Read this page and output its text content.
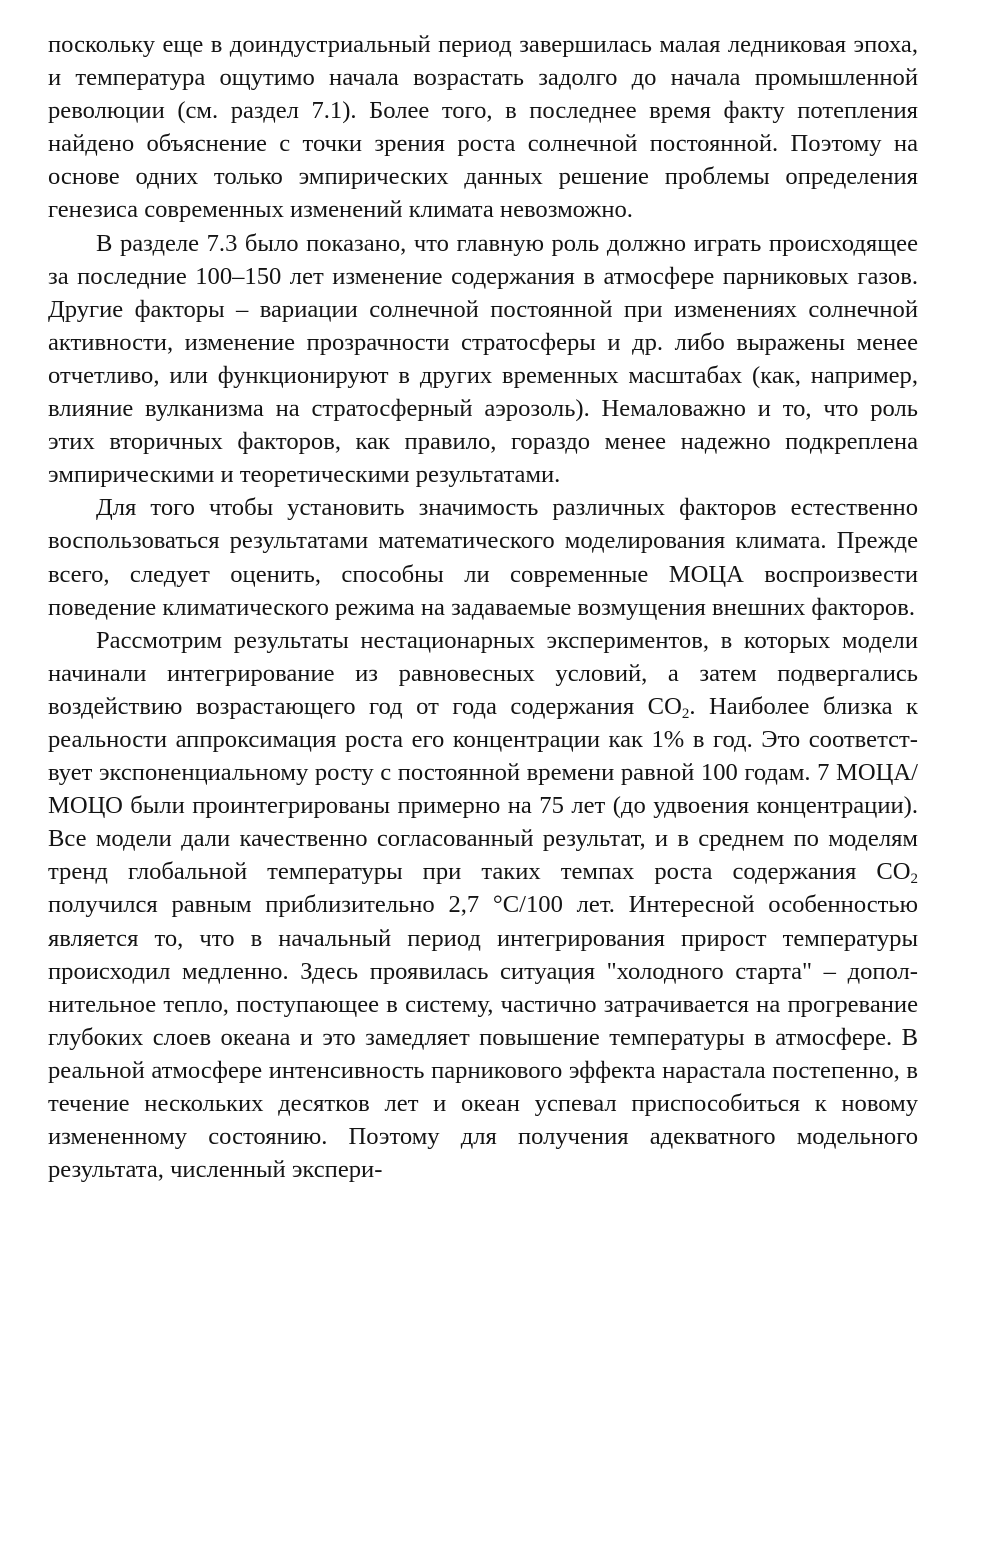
поскольку еще в доиндустриальный период завершилась малая ледниковая эпоха, и температура ощутимо начала возрастать задолго до начала промышленной революции (см. раздел 7.1). Более того, в последнее время факту потепления найдено объяснение с точки зрения роста солнечной постоянной. Поэтому на основе одних только эмпирических данных решение проблемы определения генезиса современных изменений климата невозможно.

В разделе 7.3 было показано, что главную роль должно играть происходящее за последние 100–150 лет изменение содержания в атмосфере парниковых газов. Другие факторы – вариации солнечной постоянной при изменениях солнечной активности, изменение прозрачности стратосферы и др. либо выражены менее отчетливо, или функционируют в других временных масштабах (как, например, влияние вулканизма на стратосферный аэрозоль). Немаловажно и то, что роль этих вторичных факторов, как правило, гораздо менее надежно подкреплена эмпирическими и теоретическими результатами.

Для того чтобы установить значимость различных факторов естественно воспользоваться результатами математического моделирования климата. Прежде всего, следует оценить, способны ли современные МОЦА воспроизвести поведение климатического режима на задаваемые возмущения внешних факторов.

Рассмотрим результаты нестационарных экспериментов, в которых модели начинали интегрирование из равновесных условий, а затем подвергались воздействию возрастающего год от года содержания $CO_2$. Наиболее близка к реальности аппроксимация роста его концентрации как 1% в год. Это соответствует экспоненциальному росту с постоянной времени равной 100 годам. 7 МОЦА/МОЦО были проинтегрированы примерно на 75 лет (до удвоения концентрации). Все модели дали качественно согласованный результат, и в среднем по моделям тренд глобальной температуры при таких темпах роста содержания $CO_2$ получился равным приблизительно 2,7 °С/100 лет. Интересной особенностью является то, что в начальный период интегрирования прирост температуры происходил медленно. Здесь проявилась ситуация "холодного старта" – дополнительное тепло, поступающее в систему, частично затрачивается на прогревание глубоких слоев океана и это замедляет повышение температуры в атмосфере. В реальной атмосфере интенсивность парникового эффекта нарастала постепенно, в течение нескольких десятков лет и океан успевал приспособиться к новому измененному состоянию. Поэтому для получения адекватного модельного результата, численный экспери-
